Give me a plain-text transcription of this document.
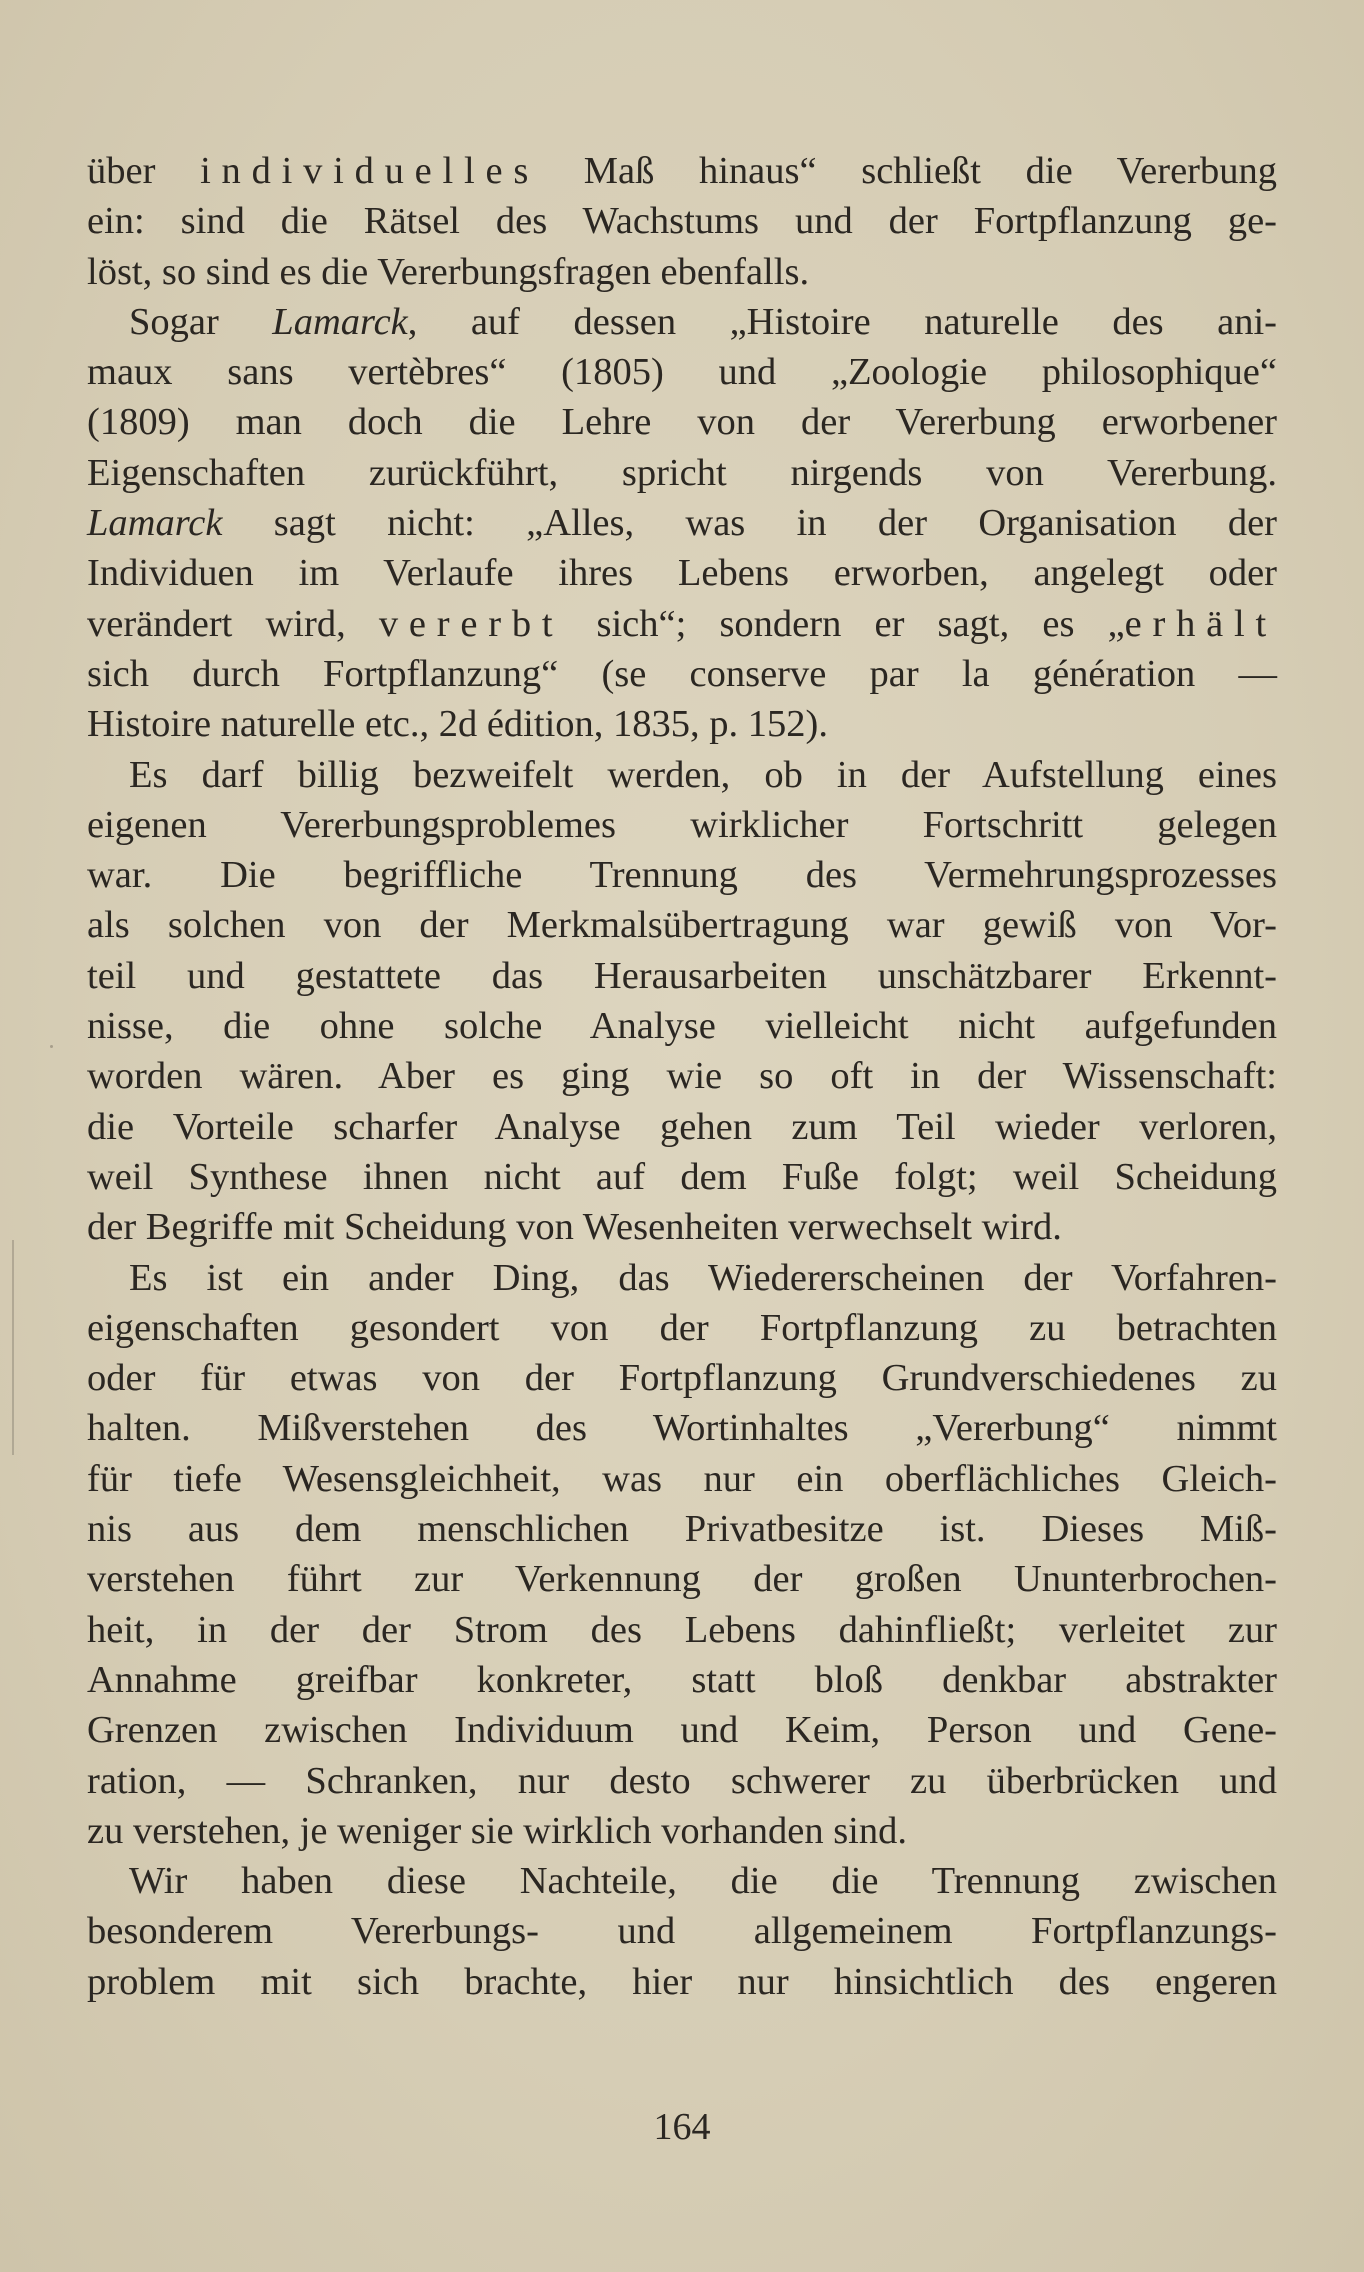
über individuelles Maß hinaus“ schließt die Vererbung
ein: sind die Rätsel des Wachstums und der Fortpflanzung ge-
löst, so sind es die Vererbungsfragen ebenfalls.
Sogar Lamarck, auf dessen „Histoire naturelle des ani-
maux sans vertèbres“ (1805) und „Zoologie philosophique“
(1809) man doch die Lehre von der Vererbung erworbener
Eigenschaften zurückführt, spricht nirgends von Vererbung.
Lamarck sagt nicht: „Alles, was in der Organisation der
Individuen im Verlaufe ihres Lebens erworben, angelegt oder
verändert wird, vererbt sich“; sondern er sagt, es „erhält
sich durch Fortpflanzung“ (se conserve par la génération —
Histoire naturelle etc., 2d édition, 1835, p. 152).
Es darf billig bezweifelt werden, ob in der Aufstellung eines
eigenen Vererbungsproblemes wirklicher Fortschritt gelegen
war. Die begriffliche Trennung des Vermehrungsprozesses
als solchen von der Merkmalsübertragung war gewiß von Vor-
teil und gestattete das Herausarbeiten unschätzbarer Erkennt-
nisse, die ohne solche Analyse vielleicht nicht aufgefunden
worden wären. Aber es ging wie so oft in der Wissenschaft:
die Vorteile scharfer Analyse gehen zum Teil wieder verloren,
weil Synthese ihnen nicht auf dem Fuße folgt; weil Scheidung
der Begriffe mit Scheidung von Wesenheiten verwechselt wird.
Es ist ein ander Ding, das Wiedererscheinen der Vorfahren-
eigenschaften gesondert von der Fortpflanzung zu betrachten
oder für etwas von der Fortpflanzung Grundverschiedenes zu
halten. Mißverstehen des Wortinhaltes „Vererbung“ nimmt
für tiefe Wesensgleichheit, was nur ein oberflächliches Gleich-
nis aus dem menschlichen Privatbesitze ist. Dieses Miß-
verstehen führt zur Verkennung der großen Ununterbrochen-
heit, in der der Strom des Lebens dahinfließt; verleitet zur
Annahme greifbar konkreter, statt bloß denkbar abstrakter
Grenzen zwischen Individuum und Keim, Person und Gene-
ration, — Schranken, nur desto schwerer zu überbrücken und
zu verstehen, je weniger sie wirklich vorhanden sind.
Wir haben diese Nachteile, die die Trennung zwischen
besonderem Vererbungs- und allgemeinem Fortpflanzungs-
problem mit sich brachte, hier nur hinsichtlich des engeren
164
